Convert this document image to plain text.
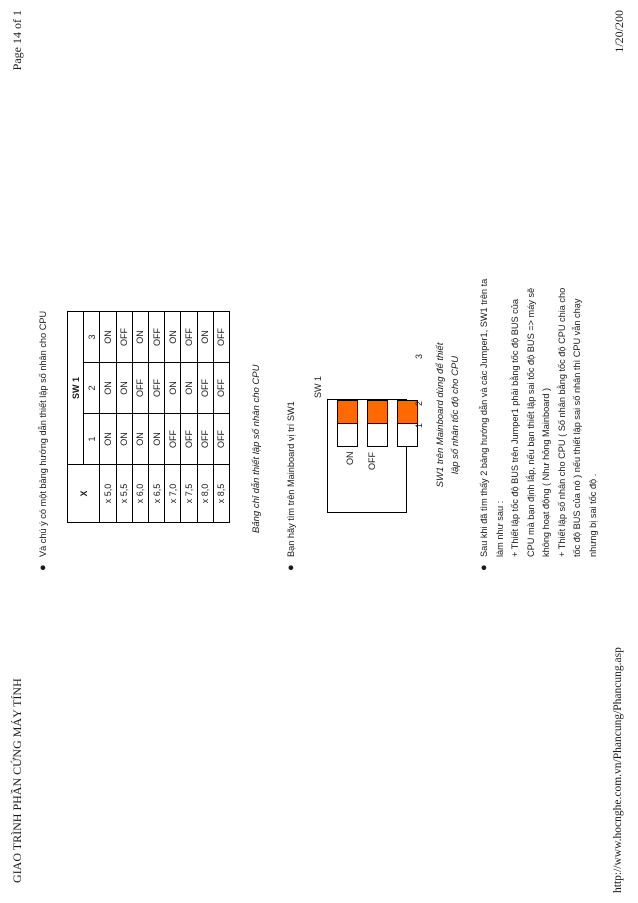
GIAO TRÌNH PHẦN CỨNG MÁY TÍNH
Page 14 of 1
●
Và chú ý có một bảng hướng dẫn thiết lập số nhân cho CPU	X	SW 1		
	1	2	3
x 5,0	ON	ON	ON
x 5,5	ON	ON	OFF
x 6,0	ON	OFF	ON
x 6,5	ON	OFF	OFF
x 7,0	OFF	ON	ON
x 7,5	OFF	ON	OFF
x 8,0	OFF	OFF	ON
x 8,5	OFF	OFF	OFF
Bảng chỉ dẫn thiết lập số nhân cho CPU
●
Bạn hãy tìm trên Mainboard vị trí SW1
SW 1
ON OFF
1
2
3 SW1 trên Mainboard dùng để thiết lập số nhân tốc độ cho CPU
●
Sau khi đã tìm thấy 2 bảng hướng dẫn và các Jumper1, SW1 trên ta làm như sau : + Thiết lập tốc độ BUS trên Jumper1 phải bằng tốc độ BUS của CPU mà bạn định lắp, nếu bạn thiết lập sai tốc độ BUS => máy sẽ không hoạt động ( Như hỏng Mainboard ) + Thiết lập số nhân cho CPU ( Số nhân bằng tốc độ CPU chia cho tốc độ BUS của nó ) nếu thiết lập sai số nhân thì CPU vẫn chạy nhưng bị sai tốc độ .
http://www.hocnghe.com.vn/Phancung/Phancung.asp
1/20/200
